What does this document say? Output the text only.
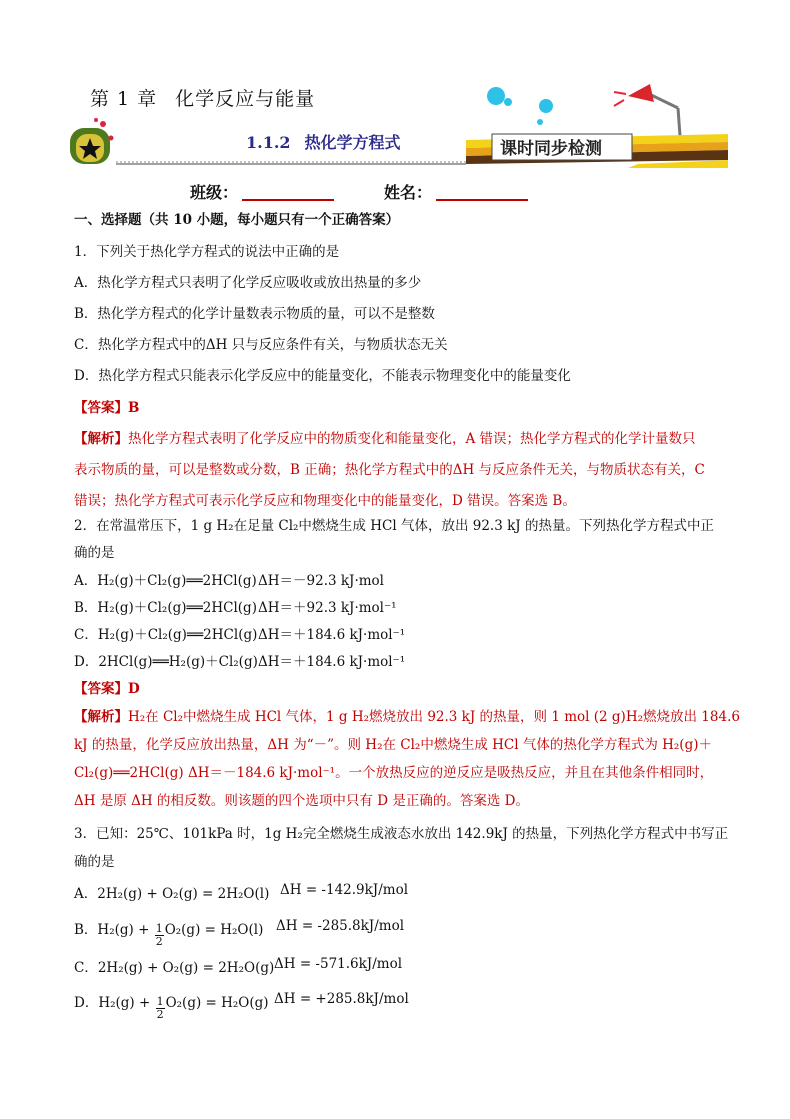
第 1 章 化学反应与能量
1.1.2 热化学方程式	课时同步检测
班级：	姓名：
一、选择题（共 10 小题，每小题只有一个正确答案）
1．下列关于热化学方程式的说法中正确的是
A．热化学方程式只表明了化学反应吸收或放出热量的多少
B．热化学方程式的化学计量数表示物质的量，可以不是整数
C．热化学方程式中的ΔH 只与反应条件有关，与物质状态无关
D．热化学方程式只能表示化学反应中的能量变化，不能表示物理变化中的能量变化
【答案】B
【解析】热化学方程式表明了化学反应中的物质变化和能量变化，A 错误；热化学方程式的化学计量数只
表示物质的量，可以是整数或分数，B 正确；热化学方程式中的ΔH 与反应条件无关，与物质状态有关，C
错误；热化学方程式可表示化学反应和物理变化中的能量变化，D 错误。答案选 B。
2．在常温常压下，1 g H₂在足量 Cl₂中燃烧生成 HCl 气体，放出 92.3 kJ 的热量。下列热化学方程式中正
确的是
A．H₂(g)＋Cl₂(g)══2HCl(g) ΔH＝－92.3 kJ·mol
B．H₂(g)＋Cl₂(g)══2HCl(g) ΔH＝＋92.3 kJ·mol⁻¹
C．H₂(g)＋Cl₂(g)══2HCl(g) ΔH＝＋184.6 kJ·mol⁻¹
D．2HCl(g)══H₂(g)＋Cl₂(g) ΔH＝＋184.6 kJ·mol⁻¹
【答案】D
【解析】H₂在 Cl₂中燃烧生成 HCl 气体，1 g H₂燃烧放出 92.3 kJ 的热量，则 1 mol (2 g)H₂燃烧放出 184.6
kJ 的热量，化学反应放出热量，ΔH 为“－”。则 H₂在 Cl₂中燃烧生成 HCl 气体的热化学方程式为 H₂(g)＋
Cl₂(g)══2HCl(g) ΔH＝－184.6 kJ·mol⁻¹。一个放热反应的逆反应是吸热反应，并且在其他条件相同时，
ΔH 是原 ΔH 的相反数。则该题的四个选项中只有 D 是正确的。答案选 D。
3．已知：25℃、101kPa 时，1g H₂完全燃烧生成液态水放出 142.9kJ 的热量，下列热化学方程式中书写正
确的是
A．2H₂(g) + O₂(g) = 2H₂O(l) ΔH = -142.9kJ/mol
B．$H_2(g) + \frac{1}{2} O_2(g) = H_2O(l) \Delta H = -285.8kJ/mol$
C．2H₂(g) + O₂(g) = 2H₂O(g) ΔH = -571.6kJ/mol
D．$H_2(g) + \frac{1}{2} O_2(g) = H_2O(g) \Delta H = +285.8kJ/mol$
